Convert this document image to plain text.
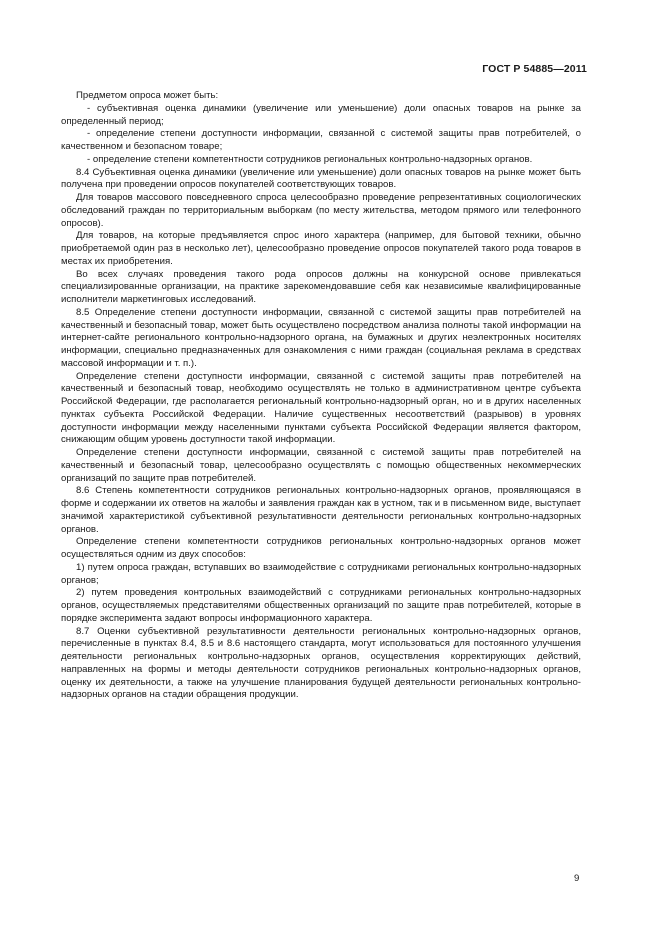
ГОСТ Р 54885—2011

Предметом опроса может быть:

- субъективная оценка динамики (увеличение или уменьшение) доли опасных товаров на рынке за определенный период;

- определение степени доступности информации, связанной с системой защиты прав потребителей, о качественном и безопасном товаре;

- определение степени компетентности сотрудников региональных контрольно-надзорных органов.

8.4 Субъективная оценка динамики (увеличение или уменьшение) доли опасных товаров на рынке может быть получена при проведении опросов покупателей соответствующих товаров.

Для товаров массового повседневного спроса целесообразно проведение репрезентативных социологических обследований граждан по территориальным выборкам (по месту жительства, методом прямого или телефонного опросов).

Для товаров, на которые предъявляется спрос иного характера (например, для бытовой техники, обычно приобретаемой один раз в несколько лет), целесообразно проведение опросов покупателей такого рода товаров в местах их приобретения.

Во всех случаях проведения такого рода опросов должны на конкурсной основе привлекаться специализированные организации, на практике зарекомендовавшие себя как независимые квалифицированные исполнители маркетинговых исследований.

8.5 Определение степени доступности информации, связанной с системой защиты прав потребителей на качественный и безопасный товар, может быть осуществлено посредством анализа полноты такой информации на интернет-сайте регионального контрольно-надзорного органа, на бумажных и других неэлектронных носителях информации, специально предназначенных для ознакомления с ними граждан (социальная реклама в средствах массовой информации и т. п.).

Определение степени доступности информации, связанной с системой защиты прав потребителей на качественный и безопасный товар, необходимо осуществлять не только в административном центре субъекта Российской Федерации, где располагается региональный контрольно-надзорный орган, но и в других населенных пунктах субъекта Российской Федерации. Наличие существенных несоответствий (разрывов) в уровнях доступности информации между населенными пунктами субъекта Российской Федерации является фактором, снижающим общим уровень доступности такой информации.

Определение степени доступности информации, связанной с системой защиты прав потребителей на качественный и безопасный товар, целесообразно осуществлять с помощью общественных некоммерческих организаций по защите прав потребителей.

8.6 Степень компетентности сотрудников региональных контрольно-надзорных органов, проявляющаяся в форме и содержании их ответов на жалобы и заявления граждан как в устном, так и в письменном виде, выступает значимой характеристикой субъективной результативности деятельности региональных контрольно-надзорных органов.

Определение степени компетентности сотрудников региональных контрольно-надзорных органов может осуществляться одним из двух способов:

1) путем опроса граждан, вступавших во взаимодействие с сотрудниками региональных контрольно-надзорных органов;

2) путем проведения контрольных взаимодействий с сотрудниками региональных контрольно-надзорных органов, осуществляемых представителями общественных организаций по защите прав потребителей, которые в порядке эксперимента задают вопросы информационного характера.

8.7 Оценки субъективной результативности деятельности региональных контрольно-надзорных органов, перечисленные в пунктах 8.4, 8.5 и 8.6 настоящего стандарта, могут использоваться для постоянного улучшения деятельности региональных контрольно-надзорных органов, осуществления корректирующих действий, направленных на формы и методы деятельности сотрудников региональных контрольно-надзорных органов, оценку их деятельности, а также на улучшение планирования будущей деятельности региональных контрольно-надзорных органов на стадии обращения продукции.

9
